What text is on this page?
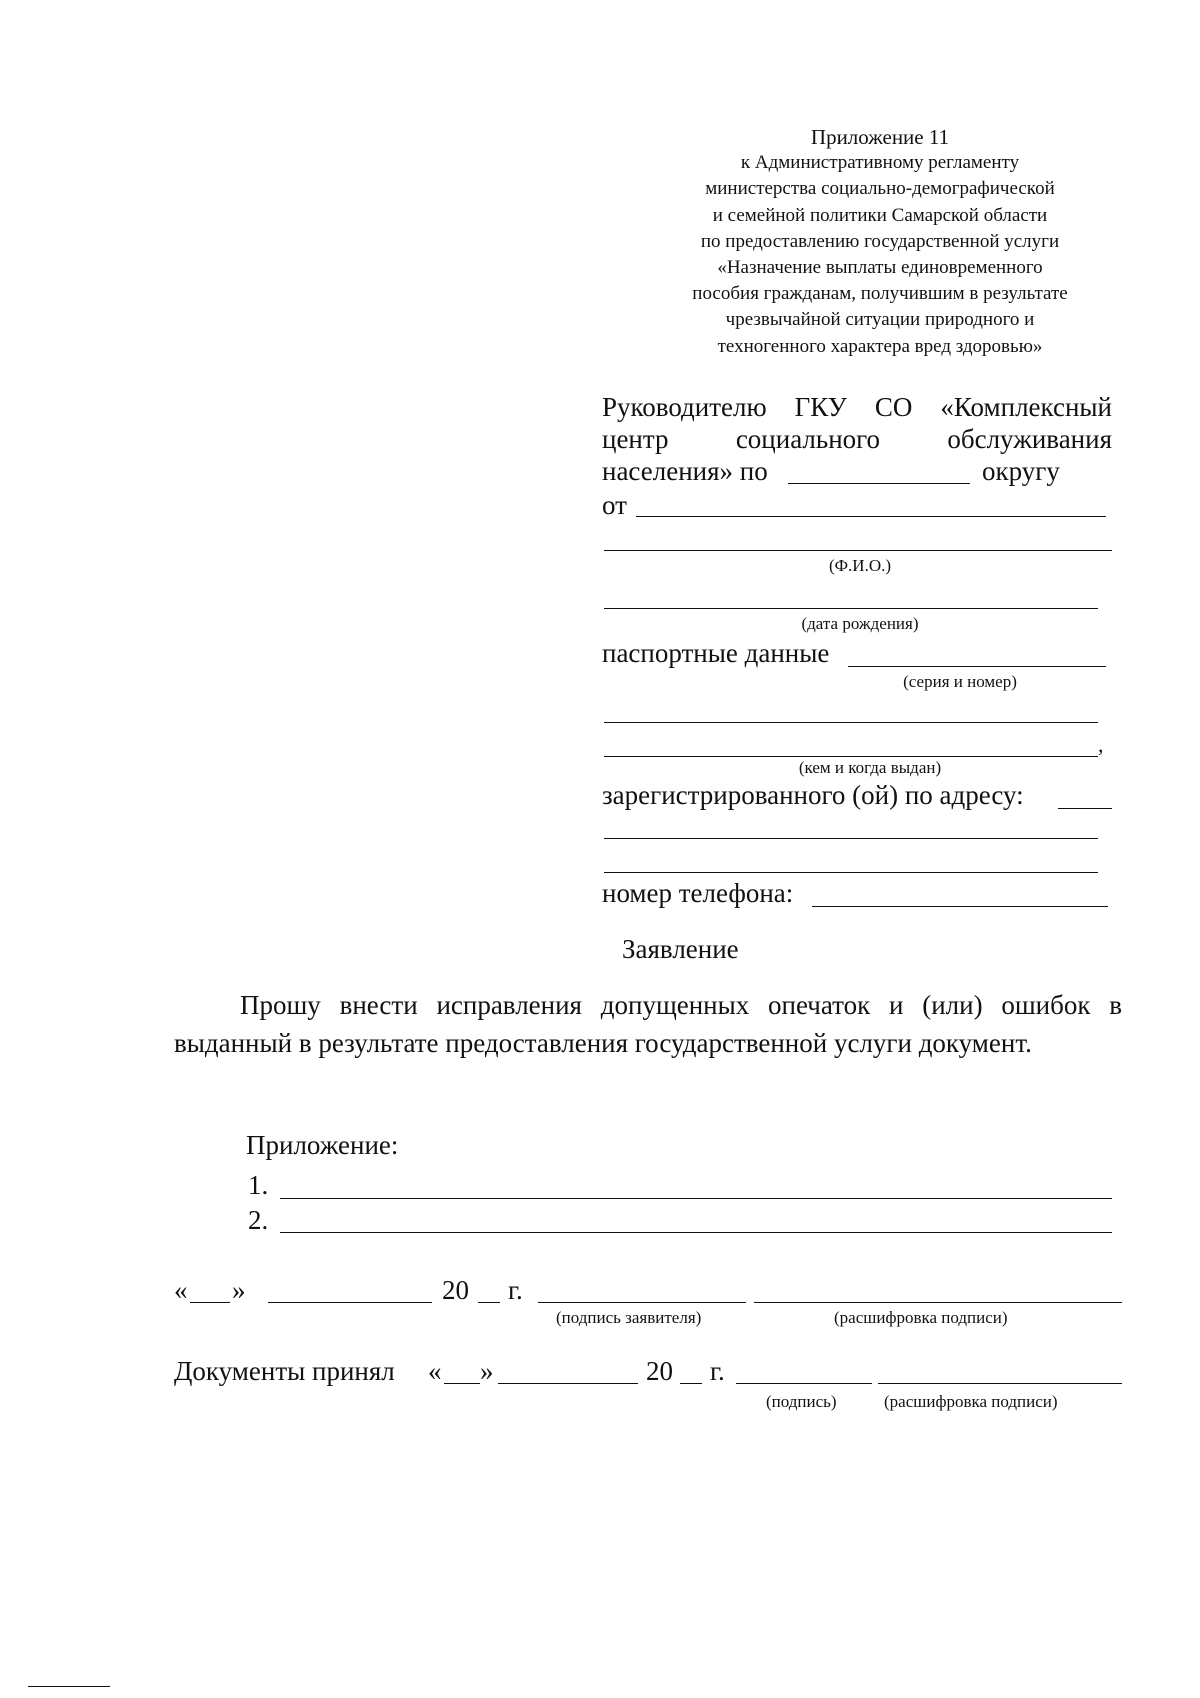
Приложение 11
к Административному регламенту
министерства социально-демографической
и семейной политики Самарской области
по предоставлению государственной услуги
«Назначение выплаты единовременного
пособия гражданам, получившим в результате
чрезвычайной ситуации природного и
техногенного характера вред здоровью»
Руководителю ГКУ СО «Комплексный
центр социального обслуживания
населения» по	округу
от
(Ф.И.О.)
(дата рождения)
паспортные данные
(серия и номер)
,
(кем и когда выдан)
зарегистрированного (ой) по адресу:
номер телефона:
Заявление
Прошу внести исправления допущенных опечаток и (или) ошибок в
выданный в результате предоставления государственной услуги документ.
Приложение:
1.
2.
« »	20 г.
(подпись заявителя)	(расшифровка подписи)
Документы принял « »	20 г.
(подпись)	(расшифровка подписи)
